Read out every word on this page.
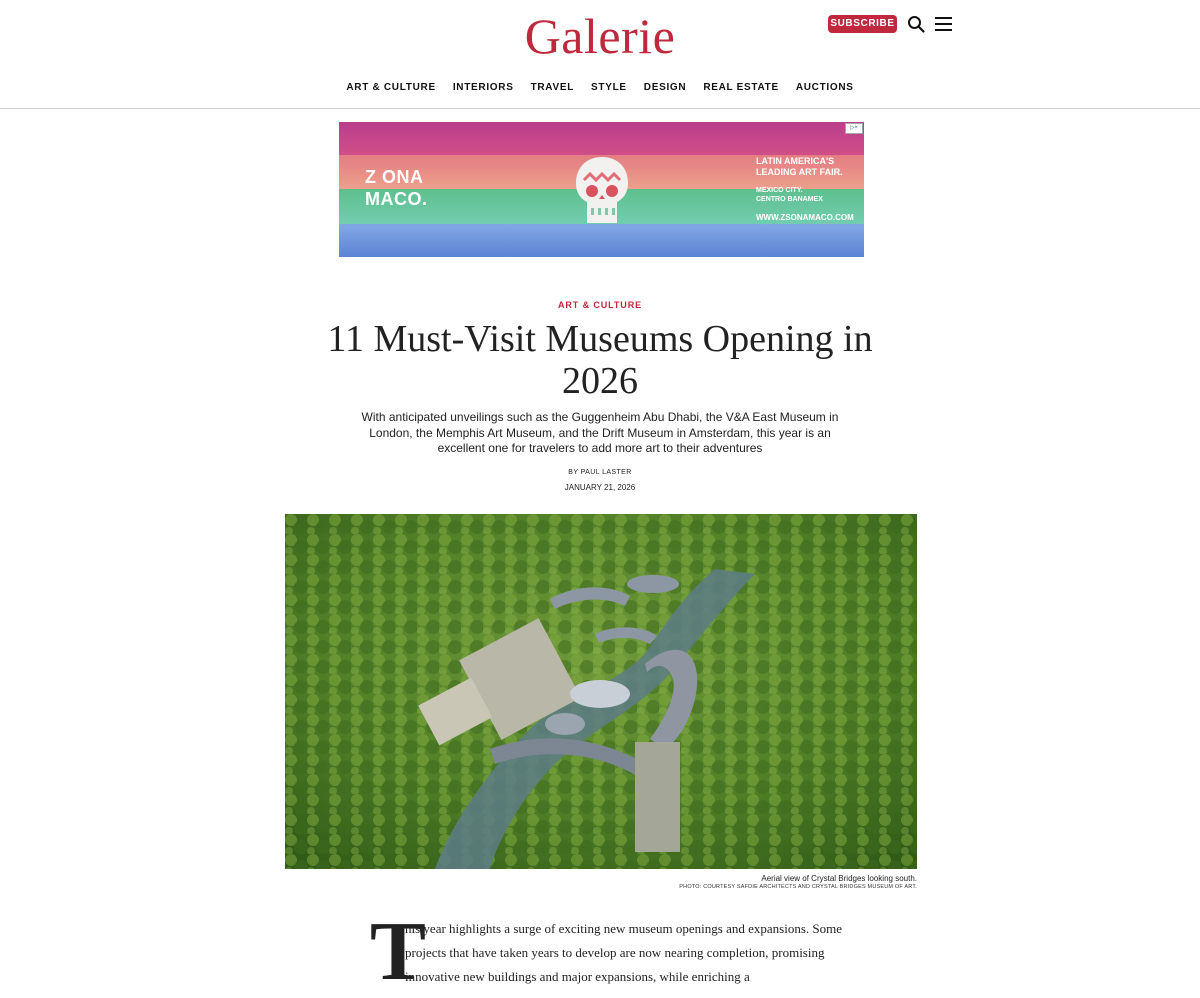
Galerie	SUBSCRIBE
ART & CULTURE INTERIORS TRAVEL STYLE DESIGN REAL ESTATE AUCTIONS
Z ONA
MACO.
LATIN AMERICA'S
LEADING ART FAIR.
MEXICO CITY.
CENTRO BANAMEX
WWW.ZSONAMACO.COM
▷×
ART & CULTURE
11 Must-Visit Museums Opening in 2026
With anticipated unveilings such as the Guggenheim Abu Dhabi, the V&A East Museum in London, the Memphis Art Museum, and the Drift Museum in Amsterdam, this year is an excellent one for travelers to add more art to their adventures
BY PAUL LASTER
JANUARY 21, 2026
Aerial view of Crystal Bridges looking south.
PHOTO: COURTESY SAFDIE ARCHITECTS AND CRYSTAL BRIDGES MUSEUM OF ART.
T
his year highlights a surge of exciting new museum openings and expansions. Some projects that have taken years to develop are now nearing completion, promising innovative new buildings and major expansions, while enriching a
